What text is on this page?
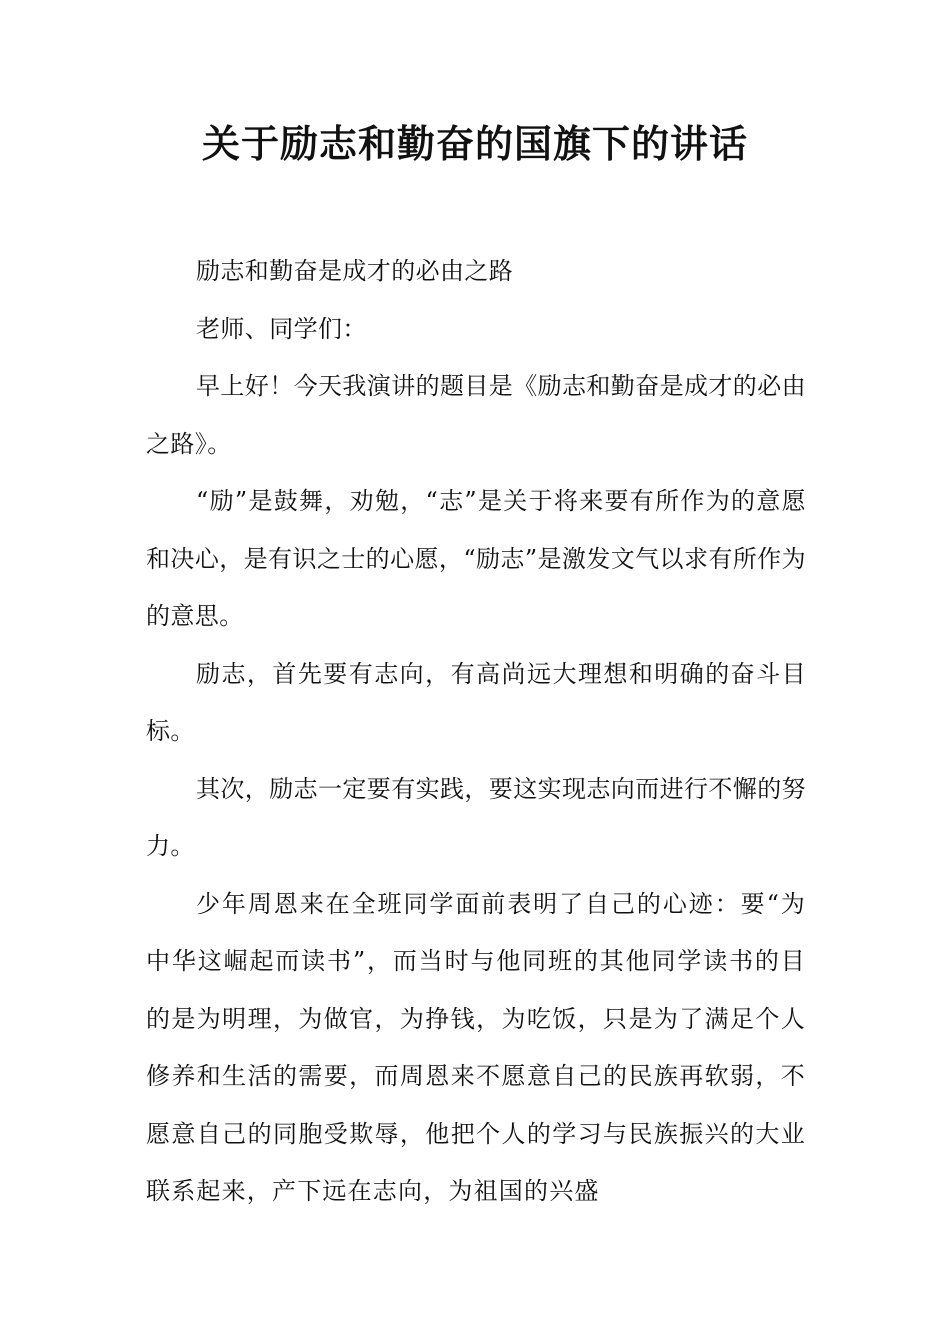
关于励志和勤奋的国旗下的讲话

励志和勤奋是成才的必由之路

老师、同学们：

早上好！今天我演讲的题目是《励志和勤奋是成才的必由之路》。

“励”是鼓舞，劝勉，“志”是关于将来要有所作为的意愿和决心，是有识之士的心愿，“励志”是激发文气以求有所作为的意思。

励志，首先要有志向，有高尚远大理想和明确的奋斗目标。

其次，励志一定要有实践，要这实现志向而进行不懈的努力。

少年周恩来在全班同学面前表明了自己的心迹：要“为中华这崛起而读书”，而当时与他同班的其他同学读书的目的是为明理，为做官，为挣钱，为吃饭，只是为了满足个人修养和生活的需要，而周恩来不愿意自己的民族再软弱，不愿意自己的同胞受欺辱，他把个人的学习与民族振兴的大业联系起来，产下远在志向，为祖国的兴盛
